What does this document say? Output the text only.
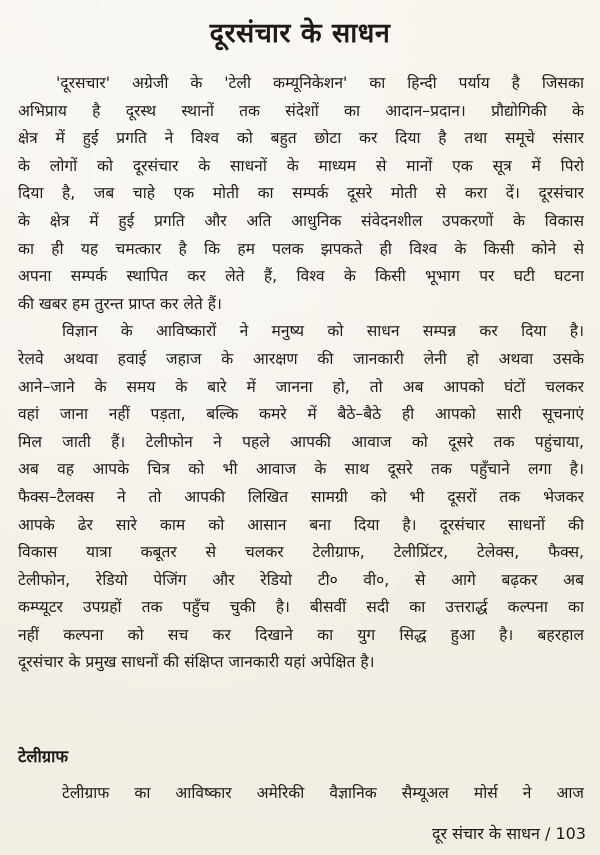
दूरसंचार के साधन
'दूरसचार' अग्रेजी के 'टेली कम्यूनिकेशन' का हिन्दी पर्याय है जिसका
अभिप्राय है दूरस्थ स्थानों तक संदेशों का आदान–प्रदान। प्रौद्योगिकी के
क्षेत्र में हुई प्रगति ने विश्व को बहुत छोटा कर दिया है तथा समूचे संसार
के लोगों को दूरसंचार के साधनों के माध्यम से मानों एक सूत्र में पिरो
दिया है, जब चाहे एक मोती का सम्पर्क दूसरे मोती से करा दें। दूरसंचार
के क्षेत्र में हुई प्रगति और अति आधुनिक संवेदनशील उपकरणों के विकास
का ही यह चमत्कार है कि हम पलक झपकते ही विश्व के किसी कोने से
अपना सम्पर्क स्थापित कर लेते हैं, विश्व के किसी भूभाग पर घटी घटना
की खबर हम तुरन्त प्राप्त कर लेते हैं।
विज्ञान के आविष्कारों ने मनुष्य को साधन सम्पन्न कर दिया है।
रेलवे अथवा हवाई जहाज के आरक्षण की जानकारी लेनी हो अथवा उसके
आने–जाने के समय के बारे में जानना हो, तो अब आपको घंटों चलकर
वहां जाना नहीं पड़ता, बल्कि कमरे में बैठे–बैठे ही आपको सारी सूचनाएं
मिल जाती हैं। टेलीफोन ने पहले आपकी आवाज को दूसरे तक पहुंचाया,
अब वह आपके चित्र को भी आवाज के साथ दूसरे तक पहुँचाने लगा है।
फैक्स–टैलक्स ने तो आपकी लिखित सामग्री को भी दूसरों तक भेजकर
आपके ढेर सारे काम को आसान बना दिया है। दूरसंचार साधनों की
विकास यात्रा कबूतर से चलकर टेलीग्राफ, टेलीप्रिंटर, टेलेक्स, फैक्स,
टेलीफोन, रेडियो पेजिंग और रेडियो टी० वी०, से आगे बढ़कर अब
कम्प्यूटर उपग्रहों तक पहुँच चुकी है। बीसवीं सदी का उत्तरार्द्ध कल्पना का
नहीं कल्पना को सच कर दिखाने का युग सिद्ध हुआ है। बहरहाल
दूरसंचार के प्रमुख साधनों की संक्षिप्त जानकारी यहां अपेक्षित है।
टेलीग्राफ
टेलीग्राफ का आविष्कार अमेरिकी वैज्ञानिक सैम्यूअल मोर्स ने आज
दूर संचार के साधन / 103
